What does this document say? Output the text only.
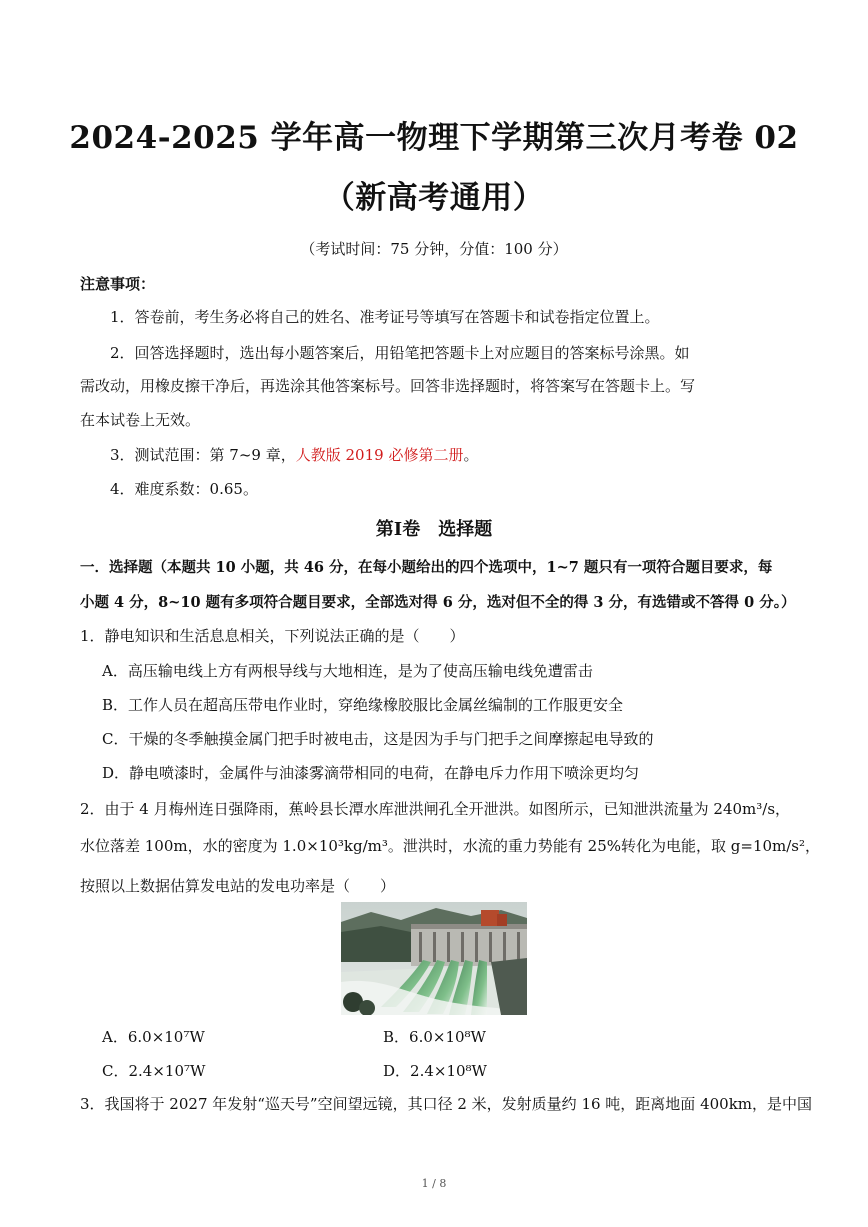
2024-2025 学年高一物理下学期第三次月考卷 02
（新高考通用）
（考试时间：75 分钟，分值：100 分）
注意事项：
1．答卷前，考生务必将自己的姓名、准考证号等填写在答题卡和试卷指定位置上。
2．回答选择题时，选出每小题答案后，用铅笔把答题卡上对应题目的答案标号涂黑。如
需改动，用橡皮擦干净后，再选涂其他答案标号。回答非选择题时，将答案写在答题卡上。写
在本试卷上无效。
3．测试范围：第 7~9 章，人教版 2019 必修第二册。
4．难度系数：0.65。
第Ⅰ卷　选择题
一．选择题（本题共 10 小题，共 46 分，在每小题给出的四个选项中，1~7 题只有一项符合题目要求，每
小题 4 分，8~10 题有多项符合题目要求，全部选对得 6 分，选对但不全的得 3 分，有选错或不答得 0 分。）
1．静电知识和生活息息相关，下列说法正确的是（　　）
A．高压输电线上方有两根导线与大地相连，是为了使高压输电线免遭雷击
B．工作人员在超高压带电作业时，穿绝缘橡胶服比金属丝编制的工作服更安全
C．干燥的冬季触摸金属门把手时被电击，这是因为手与门把手之间摩擦起电导致的
D．静电喷漆时，金属件与油漆雾滴带相同的电荷，在静电斥力作用下喷涂更均匀
2．由于 4 月梅州连日强降雨，蕉岭县长潭水库泄洪闸孔全开泄洪。如图所示，已知泄洪流量为 240m³/s，
水位落差 100m，水的密度为 1.0×10³kg/m³。泄洪时，水流的重力势能有 25%转化为电能，取 g=10m/s²，
按照以上数据估算发电站的发电功率是（　　）
A．6.0×10⁷W	B．6.0×10⁸W
C．2.4×10⁷W	D．2.4×10⁸W
3．我国将于 2027 年发射“巡天号”空间望远镜，其口径 2 米，发射质量约 16 吨，距离地面 400km，是中国
1 / 8
